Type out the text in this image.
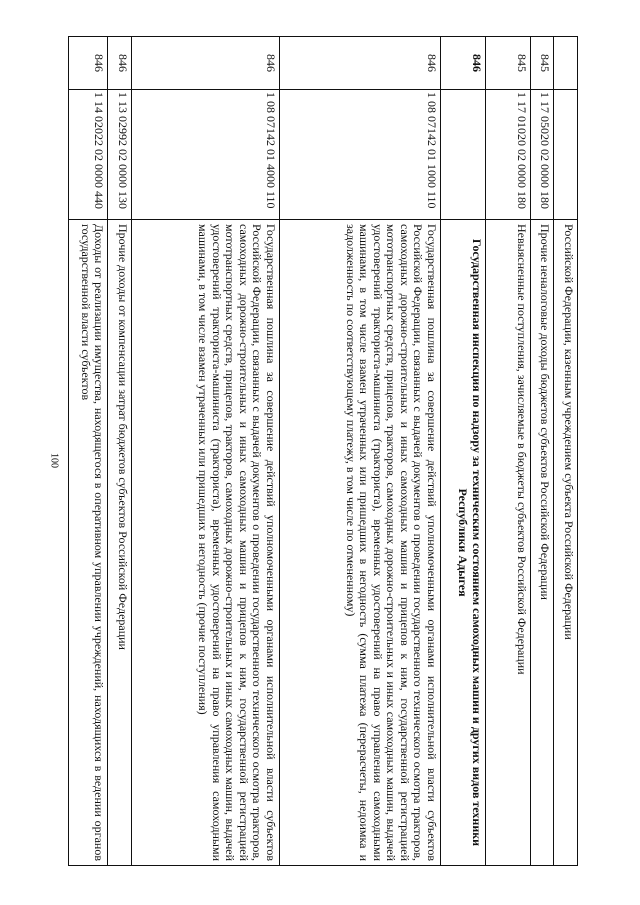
100
			Российской Федерации, казенным учреждением субъекта Российской Федерации
845	1 17 05020 02 0000 180	Прочие неналоговые доходы бюджетов субъектов Российской Федерации
845	1 17 01020 02 0000 180	Невыясненные поступления, зачисляемые в бюджеты субъектов Российской Федерации
846		Государственная инспекция по надзору за техническим состоянием самоходных машин и других видов техники Республики Адыгея
846	1 08 07142 01 1000 110	Государственная пошлина за совершение действий уполномоченными органами исполнительной власти субъектов Российской Федерации, связанных с выдачей документов о проведении государственного технического осмотра тракторов, самоходных дорожно-строительных и иных самоходных машин и прицепов к ним, государственной регистрацией мототранспортных средств, прицепов, тракторов, самоходных дорожно-строительных и иных самоходных машин, выдачей удостоверений тракториста-машиниста (тракториста), временных удостоверений на право управления самоходными машинами, в том числе взамен утраченных или пришедших в негодность (сумма платежа (перерасчеты, недоимка и задолженность по соответствующему платежу, в том числе по отмененному)
846	1 08 07142 01 4000 110	Государственная пошлина за совершение действий уполномоченными органами исполнительной власти субъектов Российской Федерации, связанных с выдачей документов о проведении государственного технического осмотра тракторов, самоходных дорожно-строительных и иных самоходных машин и прицепов к ним, государственной регистрацией мототранспортных средств, прицепов, тракторов, самоходных дорожно-строительных и иных самоходных машин, выдачей удостоверений тракториста-машиниста (тракториста), временных удостоверений на право управления самоходными машинами, в том числе взамен утраченных или пришедших в негодность (прочие поступления)
846	1 13 02992 02 0000 130	Прочие доходы от компенсации затрат бюджетов субъектов Российской Федерации
846	1 14 02022 02 0000 440	Доходы от реализации имущества, находящегося в оперативном управлении учреждений, находящихся в ведении органов государственной власти субъектов
